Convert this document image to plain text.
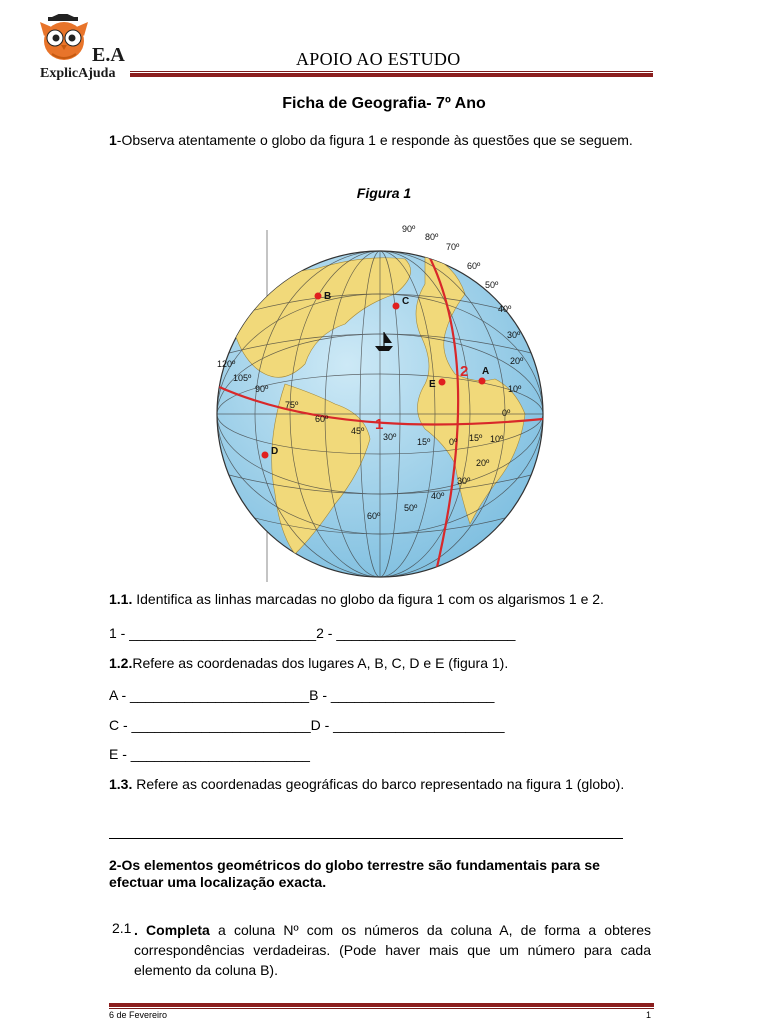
E.A
ExplicAjuda
APOIO AO ESTUDO
Ficha de Geografia- 7º Ano
1-Observa atentamente o globo da figura 1 e responde às questões que se seguem.
Figura 1
B	C
A
E
D
1
2
90º
80º
70º
60º
50º
40º
30º
20º
10º
0º
10º
20º
30º
40º
50º
60º
120º
105º
90º
75º
60º
45º
30º 15º 0º 15º
1.1. Identifica as linhas marcadas no globo da figura 1 com os algarismos 1 e 2.
1 - ________________________2 - _______________________
1.2.Refere as coordenadas dos lugares A, B, C, D e E (figura 1).
A - _______________________B - _____________________
C - _______________________D - ______________________
E - _______________________
1.3. Refere as coordenadas geográficas do barco representado na figura 1 (globo).
2-Os elementos geométricos do globo terrestre são fundamentais para se efectuar uma localização exacta.
2.1 . Completa a coluna Nº com os números da coluna A, de forma a obteres correspondências verdadeiras. (Pode haver mais que um número para cada elemento da coluna B).
6 de Fevereiro	1
